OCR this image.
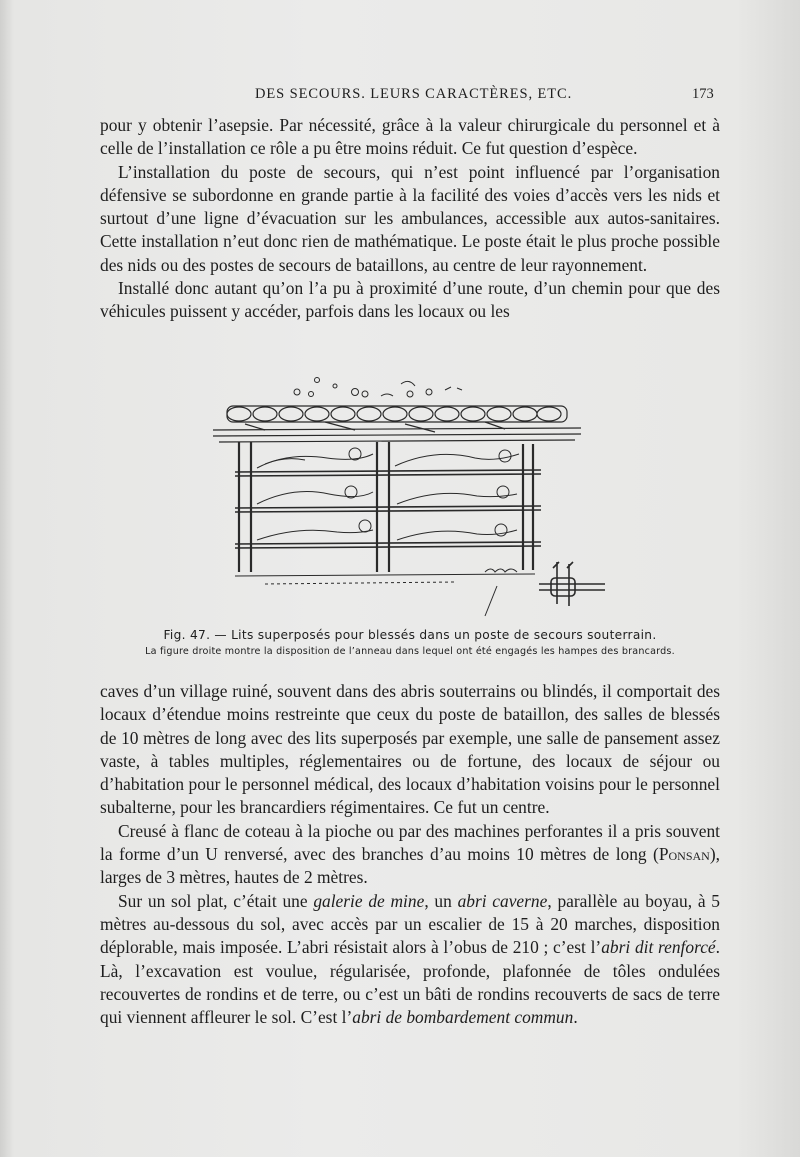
DES SECOURS. LEURS CARACTÈRES, ETC.	173

pour y obtenir l’asepsie. Par nécessité, grâce à la valeur chirurgicale du personnel et à celle de l’installation ce rôle a pu être moins réduit. Ce fut question d’espèce.

L’installation du poste de secours, qui n’est point influencé par l’organisation défensive se subordonne en grande partie à la facilité des voies d’accès vers les nids et surtout d’une ligne d’évacuation sur les ambulances, accessible aux autos-sanitaires. Cette installation n’eut donc rien de mathématique. Le poste était le plus proche possible des nids ou des postes de secours de bataillons, au centre de leur rayonnement.

Installé donc autant qu’on l’a pu à proximité d’une route, d’un chemin pour que des véhicules puissent y accéder, parfois dans les locaux ou les

Fig. 47. — Lits superposés pour blessés dans un poste de secours souterrain.
La figure droite montre la disposition de l’anneau dans lequel ont été engagés les hampes des brancards.

caves d’un village ruiné, souvent dans des abris souterrains ou blindés, il comportait des locaux d’étendue moins restreinte que ceux du poste de bataillon, des salles de blessés de 10 mètres de long avec des lits superposés par exemple, une salle de pansement assez vaste, à tables multiples, réglementaires ou de fortune, des locaux de séjour ou d’habitation pour le personnel médical, des locaux d’habitation voisins pour le personnel subalterne, pour les brancardiers régimentaires. Ce fut un centre.

Creusé à flanc de coteau à la pioche ou par des machines perforantes il a pris souvent la forme d’un U renversé, avec des branches d’au moins 10 mètres de long (Ponsan), larges de 3 mètres, hautes de 2 mètres.

Sur un sol plat, c’était une galerie de mine, un abri caverne, parallèle au boyau, à 5 mètres au-dessous du sol, avec accès par un escalier de 15 à 20 marches, disposition déplorable, mais imposée. L’abri résistait alors à l’obus de 210 ; c’est l’abri dit renforcé. Là, l’excavation est voulue, régularisée, profonde, plafonnée de tôles ondulées recouvertes de rondins et de terre, ou c’est un bâti de rondins recouverts de sacs de terre qui viennent affleurer le sol. C’est l’abri de bombardement commun.
